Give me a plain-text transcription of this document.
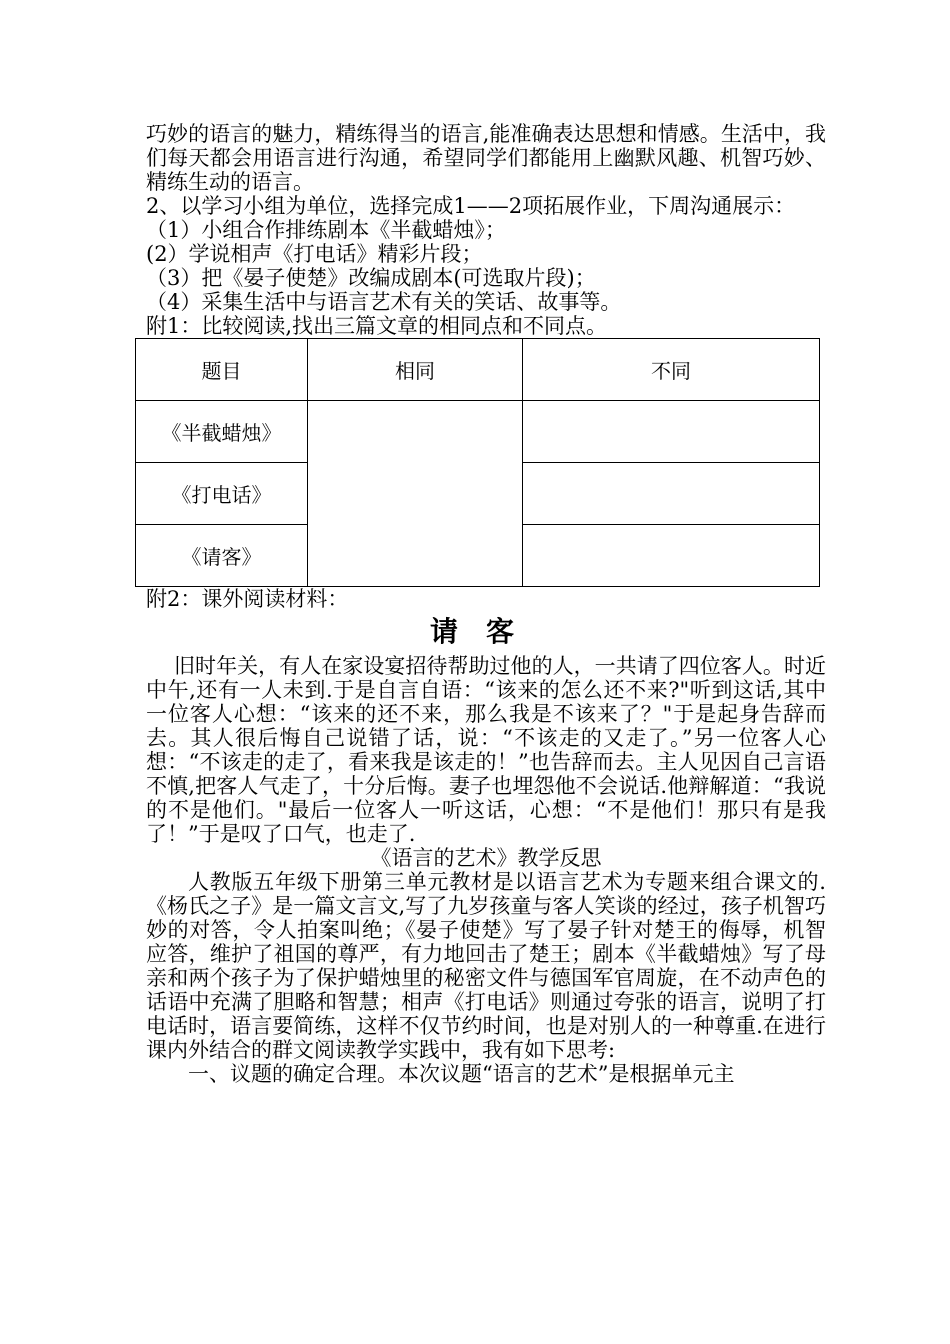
巧妙的语言的魅力，精练得当的语言,能准确表达思想和情感。生活中，我们每天都会用语言进行沟通，希望同学们都能用上幽默风趣、机智巧妙、精练生动的语言。

2、以学习小组为单位，选择完成1——2项拓展作业，下周沟通展示：

（1）小组合作排练剧本《半截蜡烛》；

(2）学说相声《打电话》精彩片段；

（3）把《晏子使楚》改编成剧本(可选取片段)；

（4）采集生活中与语言艺术有关的笑话、故事等。

附1：比较阅读,找出三篇文章的相同点和不同点。

题目	相同	不同
《半截蜡烛》		
《打电话》		
《请客》		

附2：课外阅读材料：

请客

旧时年关，有人在家设宴招待帮助过他的人，一共请了四位客人。时近中午,还有一人未到.于是自言自语：“该来的怎么还不来?"听到这话,其中一位客人心想：“该来的还不来，那么我是不该来了？"于是起身告辞而去。其人很后悔自己说错了话，说：“不该走的又走了。”另一位客人心想：“不该走的走了，看来我是该走的！”也告辞而去。主人见因自己言语不慎,把客人气走了，十分后悔。妻子也埋怨他不会说话.他辩解道：“我说的不是他们。"最后一位客人一听这话，心想：“不是他们！那只有是我了！”于是叹了口气，也走了.

《语言的艺术》教学反思

人教版五年级下册第三单元教材是以语言艺术为专题来组合课文的.《杨氏之子》是一篇文言文,写了九岁孩童与客人笑谈的经过，孩子机智巧妙的对答，令人拍案叫绝；《晏子使楚》写了晏子针对楚王的侮辱，机智应答，维护了祖国的尊严，有力地回击了楚王；剧本《半截蜡烛》写了母亲和两个孩子为了保护蜡烛里的秘密文件与德国军官周旋，在不动声色的话语中充满了胆略和智慧；相声《打电话》则通过夸张的语言，说明了打电话时，语言要简练，这样不仅节约时间，也是对别人的一种尊重.在进行课内外结合的群文阅读教学实践中，我有如下思考:

一、议题的确定合理。本次议题“语言的艺术”是根据单元主
